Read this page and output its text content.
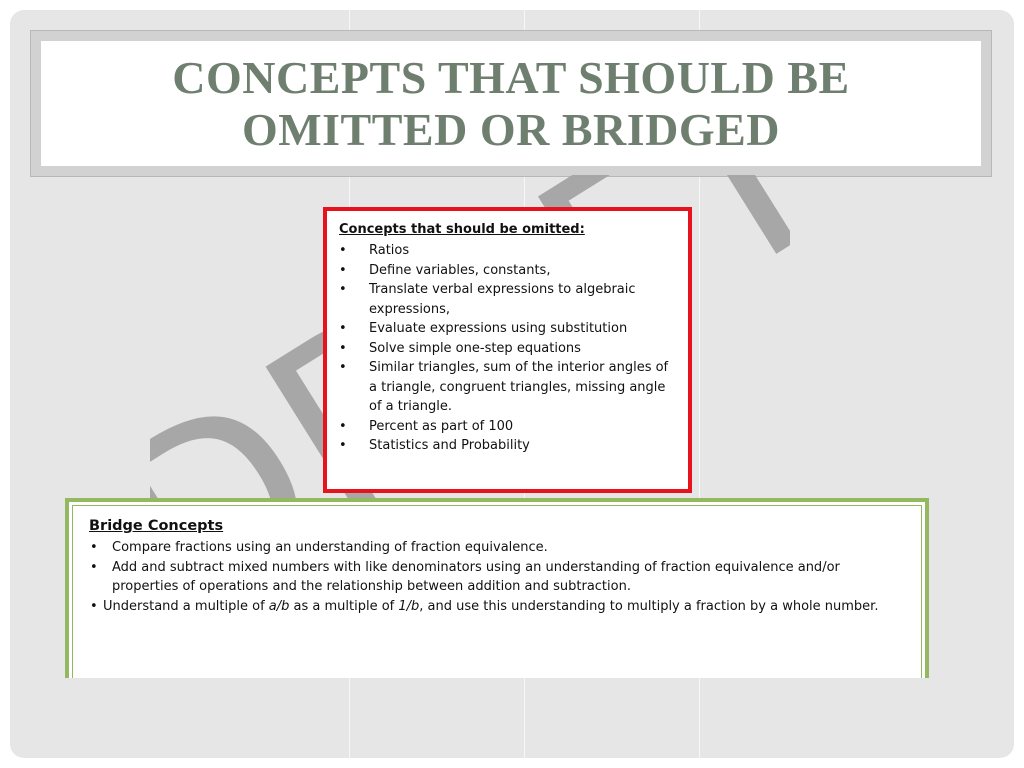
CONCEPTS THAT SHOULD BE OMITTED OR BRIDGED
Concepts that should be omitted:
• Ratios
• Define variables, constants,
• Translate verbal expressions to algebraic expressions,
• Evaluate expressions using substitution
• Solve simple one-step equations
• Similar triangles, sum of the interior angles of a triangle, congruent triangles, missing angle of a triangle.
• Percent as part of 100
• Statistics and Probability
Bridge Concepts
• Compare fractions using an understanding of fraction equivalence.
• Add and subtract mixed numbers with like denominators using an understanding of fraction equivalence and/or properties of operations and the relationship between addition and subtraction.
• Understand a multiple of a/b as a multiple of 1/b, and use this understanding to multiply a fraction by a whole number.
